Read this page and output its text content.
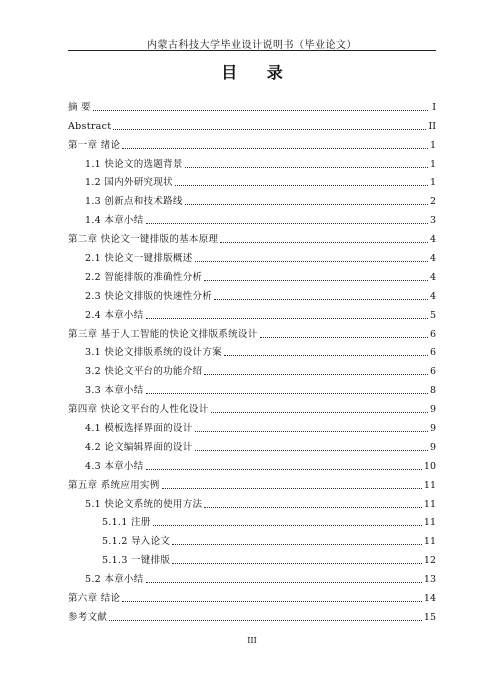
内蒙古科技大学毕业设计说明书（毕业论文）
目 录
摘 要	I
Abstract	II
第一章 绪论	1
1.1 快论文的选题背景	1
1.2 国内外研究现状	1
1.3 创新点和技术路线	2
1.4 本章小结	3
第二章 快论文一键排版的基本原理	4
2.1 快论文一键排版概述	4
2.2 智能排版的准确性分析	4
2.3 快论文排版的快速性分析	4
2.4 本章小结	5
第三章 基于人工智能的快论文排版系统设计	6
3.1 快论文排版系统的设计方案	6
3.2 快论文平台的功能介绍	6
3.3 本章小结	8
第四章 快论文平台的人性化设计	9
4.1 模板选择界面的设计	9
4.2 论文编辑界面的设计	9
4.3 本章小结	10
第五章 系统应用实例	11
5.1 快论文系统的使用方法	11
5.1.1 注册	11
5.1.2 导入论文	11
5.1.3 一键排版	12
5.2 本章小结	13
第六章 结论	14
参考文献	15
III
